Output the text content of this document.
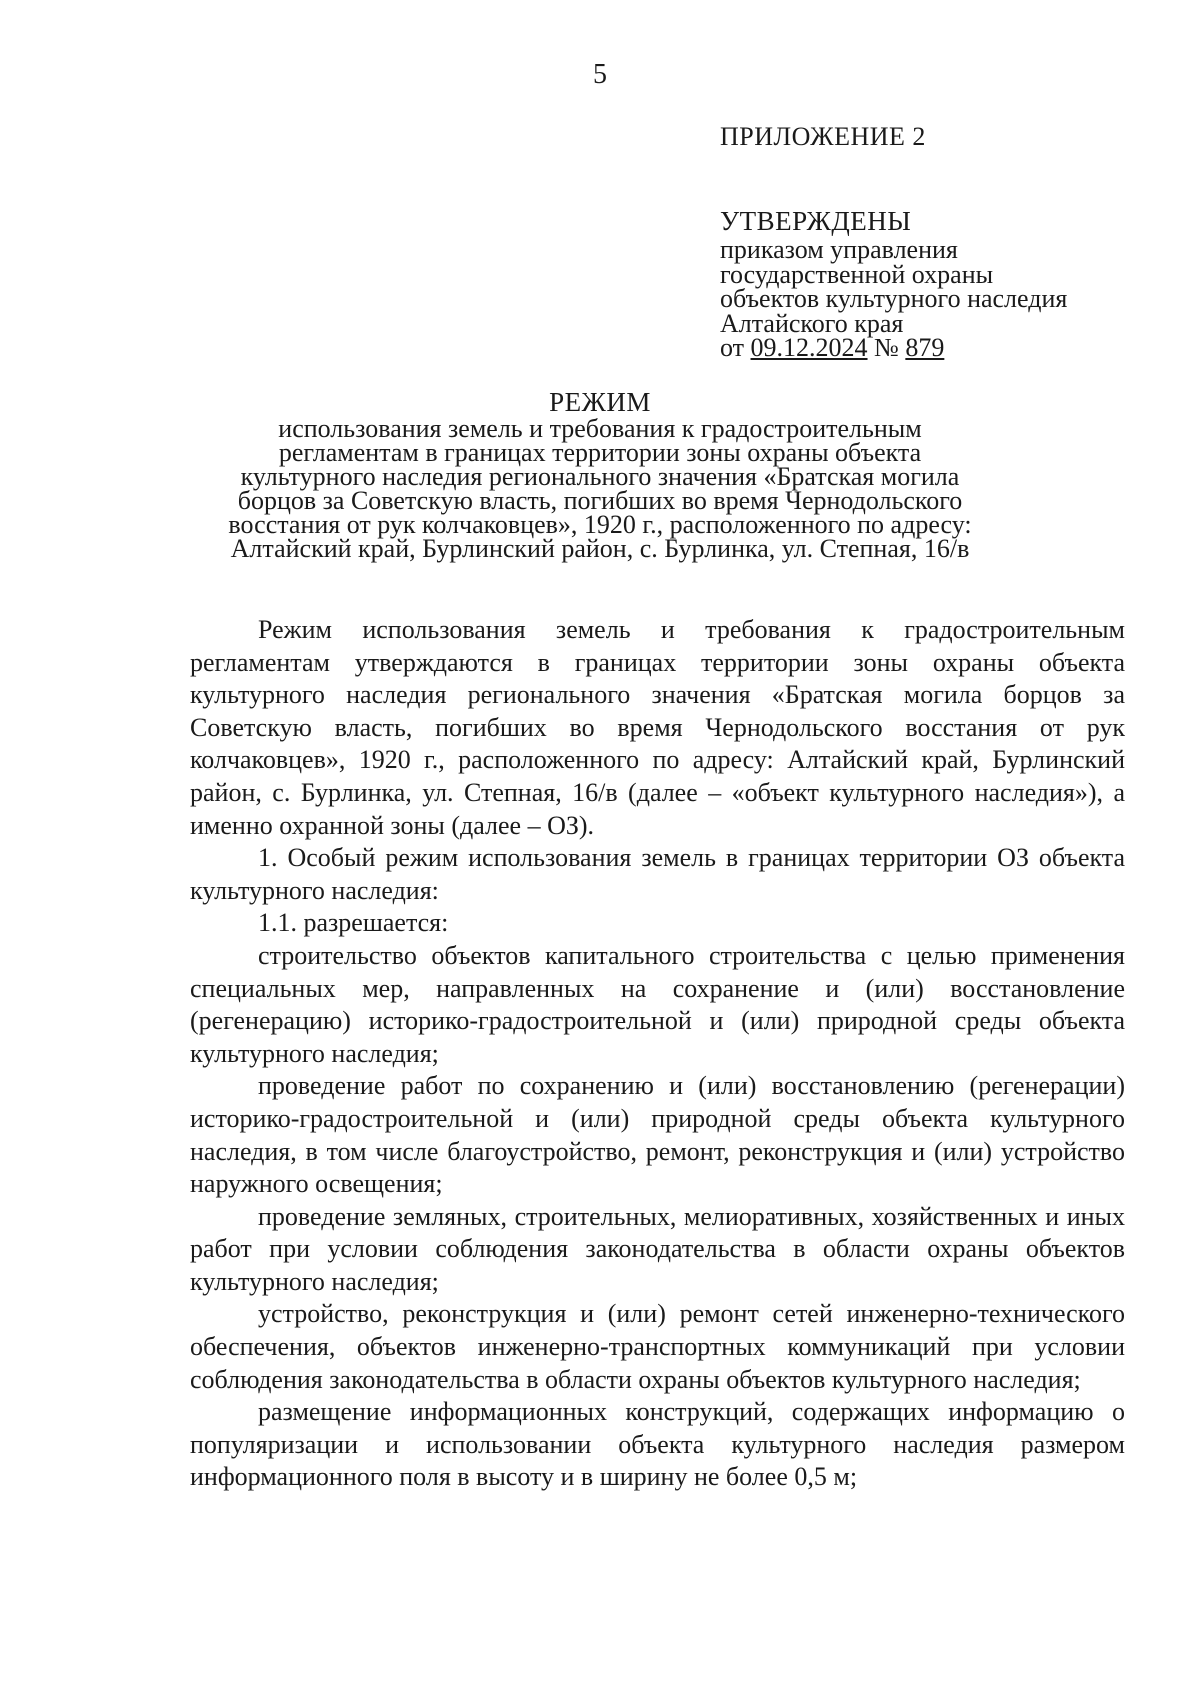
5
ПРИЛОЖЕНИЕ 2
УТВЕРЖДЕНЫ
приказом управления
государственной охраны
объектов культурного наследия
Алтайского края
от 09.12.2024 № 879
РЕЖИМ
использования земель и требования к градостроительным
регламентам в границах территории зоны охраны объекта
культурного наследия регионального значения «Братская могила
борцов за Советскую власть, погибших во время Чернодольского
восстания от рук колчаковцев», 1920 г., расположенного по адресу:
Алтайский край, Бурлинский район, с. Бурлинка, ул. Степная, 16/в

Режим использования земель и требования к градостроительным регламентам утверждаются в границах территории зоны охраны объекта культурного наследия регионального значения «Братская могила борцов за Советскую власть, погибших во время Чернодольского восстания от рук колчаковцев», 1920 г., расположенного по адресу: Алтайский край, Бурлинский район, с. Бурлинка, ул. Степная, 16/в (далее – «объект культурного наследия»), а именно охранной зоны (далее – ОЗ).

1. Особый режим использования земель в границах территории ОЗ объекта культурного наследия:

1.1. разрешается:

строительство объектов капитального строительства с целью применения специальных мер, направленных на сохранение и (или) восстановление (регенерацию) историко-градостроительной и (или) природной среды объекта культурного наследия;

проведение работ по сохранению и (или) восстановлению (регенерации) историко-градостроительной и (или) природной среды объекта культурного наследия, в том числе благоустройство, ремонт, реконструкция и (или) устройство наружного освещения;

проведение земляных, строительных, мелиоративных, хозяйственных и иных работ при условии соблюдения законодательства в области охраны объектов культурного наследия;

устройство, реконструкция и (или) ремонт сетей инженерно-технического обеспечения, объектов инженерно-транспортных коммуникаций при условии соблюдения законодательства в области охраны объектов культурного наследия;

размещение информационных конструкций, содержащих информацию о популяризации и использовании объекта культурного наследия размером информационного поля в высоту и в ширину не более 0,5 м;
